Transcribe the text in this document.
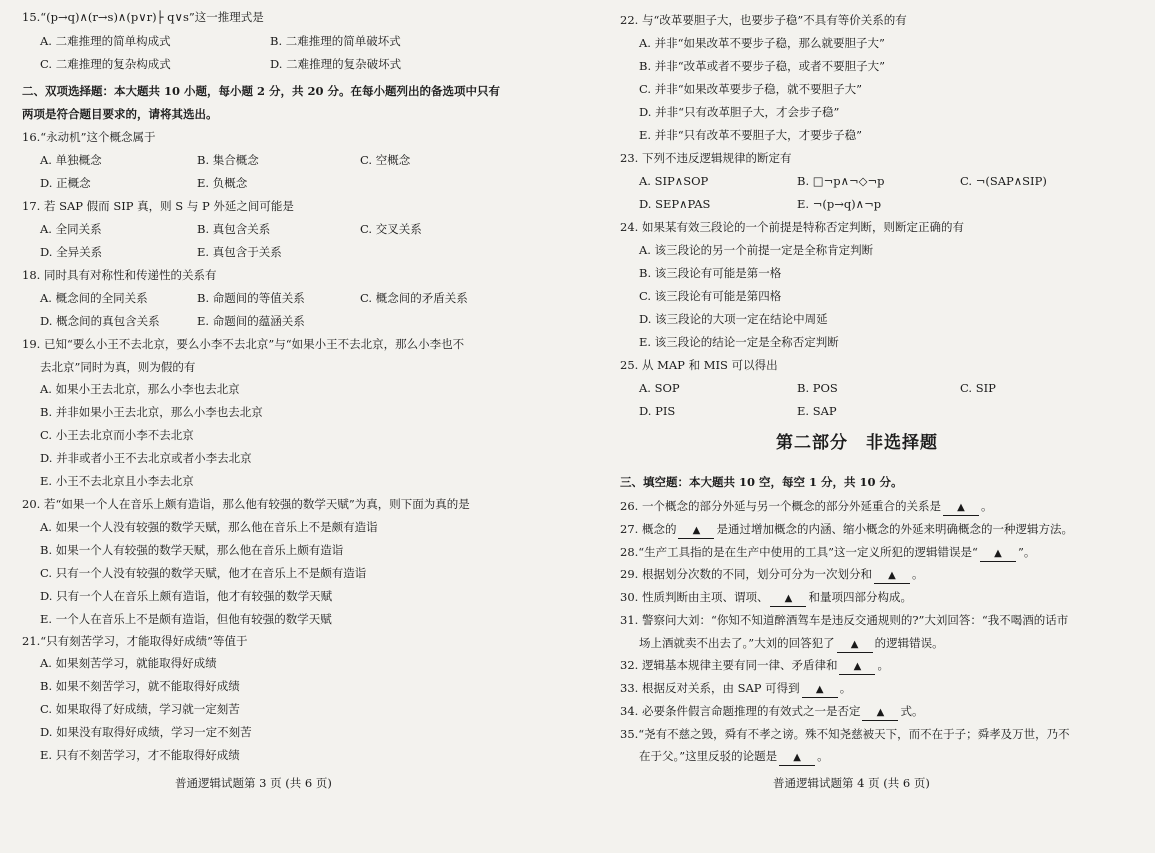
15.“(p→q)∧(r→s)∧(p∨r)├ q∨s”这一推理式是
A. 二难推理的简单构成式	B. 二难推理的简单破坏式
C. 二难推理的复杂构成式	D. 二难推理的复杂破坏式
二、双项选择题：本大题共 10 小题，每小题 2 分，共 20 分。在每小题列出的备选项中只有
两项是符合题目要求的，请将其选出。
16.“永动机”这个概念属于
A. 单独概念	B. 集合概念	C. 空概念
D. 正概念	E. 负概念
17. 若 SAP 假而 SIP 真，则 S 与 P 外延之间可能是
A. 全同关系	B. 真包含关系	C. 交叉关系
D. 全异关系	E. 真包含于关系
18. 同时具有对称性和传递性的关系有
A. 概念间的全同关系	B. 命题间的等值关系	C. 概念间的矛盾关系
D. 概念间的真包含关系	E. 命题间的蕴涵关系
19. 已知“要么小王不去北京，要么小李不去北京”与“如果小王不去北京，那么小李也不
去北京”同时为真，则为假的有
A. 如果小王去北京，那么小李也去北京
B. 并非如果小王去北京，那么小李也去北京
C. 小王去北京而小李不去北京
D. 并非或者小王不去北京或者小李去北京
E. 小王不去北京且小李去北京
20. 若“如果一个人在音乐上颇有造诣，那么他有较强的数学天赋”为真，则下面为真的是
A. 如果一个人没有较强的数学天赋，那么他在音乐上不是颇有造诣
B. 如果一个人有较强的数学天赋，那么他在音乐上颇有造诣
C. 只有一个人没有较强的数学天赋，他才在音乐上不是颇有造诣
D. 只有一个人在音乐上颇有造诣，他才有较强的数学天赋
E. 一个人在音乐上不是颇有造诣，但他有较强的数学天赋
21.“只有刻苦学习，才能取得好成绩”等值于
A. 如果刻苦学习，就能取得好成绩
B. 如果不刻苦学习，就不能取得好成绩
C. 如果取得了好成绩，学习就一定刻苦
D. 如果没有取得好成绩，学习一定不刻苦
E. 只有不刻苦学习，才不能取得好成绩
普通逻辑试题第 3 页 (共 6 页)
22. 与“改革要胆子大，也要步子稳”不具有等价关系的有
A. 并非“如果改革不要步子稳，那么就要胆子大”
B. 并非“改革或者不要步子稳，或者不要胆子大”
C. 并非“如果改革要步子稳，就不要胆子大”
D. 并非“只有改革胆子大，才会步子稳”
E. 并非“只有改革不要胆子大，才要步子稳”
23. 下列不违反逻辑规律的断定有
A. SIP∧SOP	B. □¬p∧¬◇¬p	C. ¬(SAP∧SIP)
D. SEP∧PAS	E. ¬(p→q)∧¬p
24. 如果某有效三段论的一个前提是特称否定判断，则断定正确的有
A. 该三段论的另一个前提一定是全称肯定判断
B. 该三段论有可能是第一格
C. 该三段论有可能是第四格
D. 该三段论的大项一定在结论中周延
E. 该三段论的结论一定是全称否定判断
25. 从 MAP 和 MIS 可以得出
A. SOP	B. POS	C. SIP
D. PIS	E. SAP
第二部分　非选择题
三、填空题：本大题共 10 空，每空 1 分，共 10 分。
26. 一个概念的部分外延与另一个概念的部分外延重合的关系是 ▲ 。
27. 概念的 ▲ 是通过增加概念的内涵、缩小概念的外延来明确概念的一种逻辑方法。
28.“生产工具指的是在生产中使用的工具”这一定义所犯的逻辑错误是“ ▲ ”。
29. 根据划分次数的不同，划分可分为一次划分和 ▲ 。
30. 性质判断由主项、谓项、 ▲ 和量项四部分构成。
31. 警察问大刘：“你知不知道醉酒驾车是违反交通规则的?”大刘回答：“我不喝酒的话市
场上酒就卖不出去了。”大刘的回答犯了 ▲ 的逻辑错误。
32. 逻辑基本规律主要有同一律、矛盾律和 ▲ 。
33. 根据反对关系，由 SAP 可得到 ▲ 。
34. 必要条件假言命题推理的有效式之一是否定 ▲ 式。
35.“尧有不慈之毁，舜有不孝之谤。殊不知尧慈被天下，而不在于子；舜孝及万世，乃不
在于父。”这里反驳的论题是 ▲ 。
普通逻辑试题第 4 页 (共 6 页)
